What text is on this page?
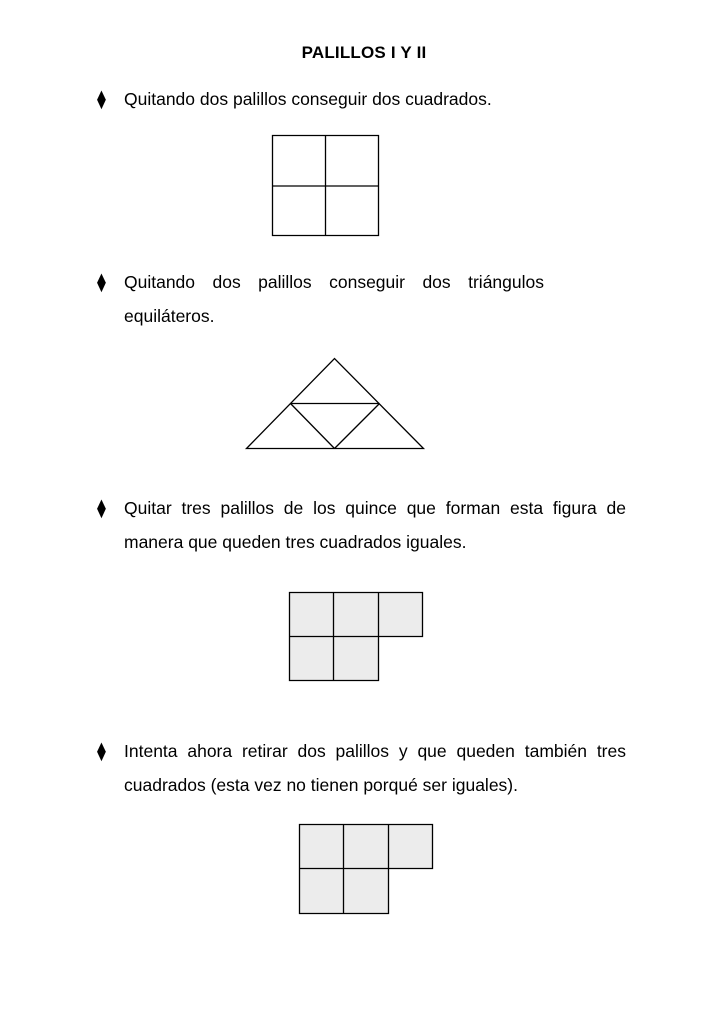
PALILLOS I Y II
⧫ Quitando dos palillos conseguir dos cuadrados.
⧫ Quitando dos palillos conseguir dos triángulos equiláteros.
⧫ Quitar tres palillos de los quince que forman esta figura de manera que queden tres cuadrados iguales.
⧫ Intenta ahora retirar dos palillos y que queden también tres cuadrados (esta vez no tienen porqué ser iguales).
